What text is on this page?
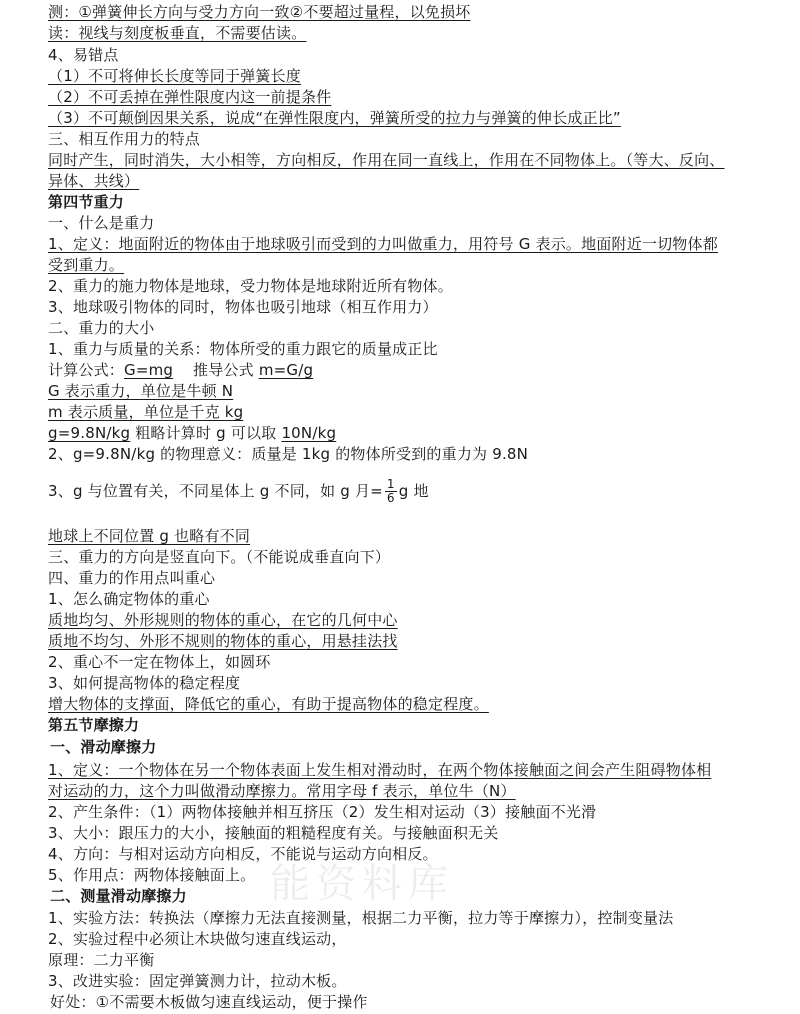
测：①弹簧伸长方向与受力方向一致②不要超过量程，以免损坏
读：视线与刻度板垂直，不需要估读。
4、易错点
（1）不可将伸长长度等同于弹簧长度
（2）不可丢掉在弹性限度内这一前提条件
（3）不可颠倒因果关系，说成“在弹性限度内，弹簧所受的拉力与弹簧的伸长成正比”
三、相互作用力的特点
同时产生，同时消失，大小相等，方向相反，作用在同一直线上，作用在不同物体上。（等大、反向、
异体、共线）
第四节重力
一、什么是重力
1、定义：地面附近的物体由于地球吸引而受到的力叫做重力，用符号 G 表示。地面附近一切物体都
受到重力。
2、重力的施力物体是地球，受力物体是地球附近所有物体。
3、地球吸引物体的同时，物体也吸引地球（相互作用力）
二、重力的大小
1、重力与质量的关系：物体所受的重力跟它的质量成正比
计算公式：G=mg 推导公式 m=G/g
G 表示重力，单位是牛顿 N
m 表示质量，单位是千克 kg
g=9.8N/kg 粗略计算时 g 可以取 10N/kg
2、g=9.8N/kg 的物理意义：质量是 1kg 的物体所受到的重力为 9.8N
3、g 与位置有关，不同星体上 g 不同，如 g 月= $\frac{1}{6}$ g 地
地球上不同位置 g 也略有不同
三、重力的方向是竖直向下。（不能说成垂直向下）
四、重力的作用点叫重心
1、怎么确定物体的重心
质地均匀、外形规则的物体的重心，在它的几何中心
质地不均匀、外形不规则的物体的重心，用悬挂法找
2、重心不一定在物体上，如圆环
3、如何提高物体的稳定程度
增大物体的支撑面，降低它的重心，有助于提高物体的稳定程度。
第五节摩擦力
一、滑动摩擦力
1、定义：一个物体在另一个物体表面上发生相对滑动时，在两个物体接触面之间会产生阻碍物体相
对运动的力，这个力叫做滑动摩擦力。常用字母 f 表示，单位牛（N）
2、产生条件：（1）两物体接触并相互挤压（2）发生相对运动（3）接触面不光滑
3、大小：跟压力的大小，接触面的粗糙程度有关。与接触面积无关
4、方向：与相对运动方向相反，不能说与运动方向相反。
5、作用点：两物体接触面上。
二、测量滑动摩擦力
1、实验方法：转换法（摩擦力无法直接测量，根据二力平衡，拉力等于摩擦力），控制变量法
2、实验过程中必须让木块做匀速直线运动，
原理：二力平衡
3、改进实验：固定弹簧测力计，拉动木板。
好处：①不需要木板做匀速直线运动，便于操作
能资料库
